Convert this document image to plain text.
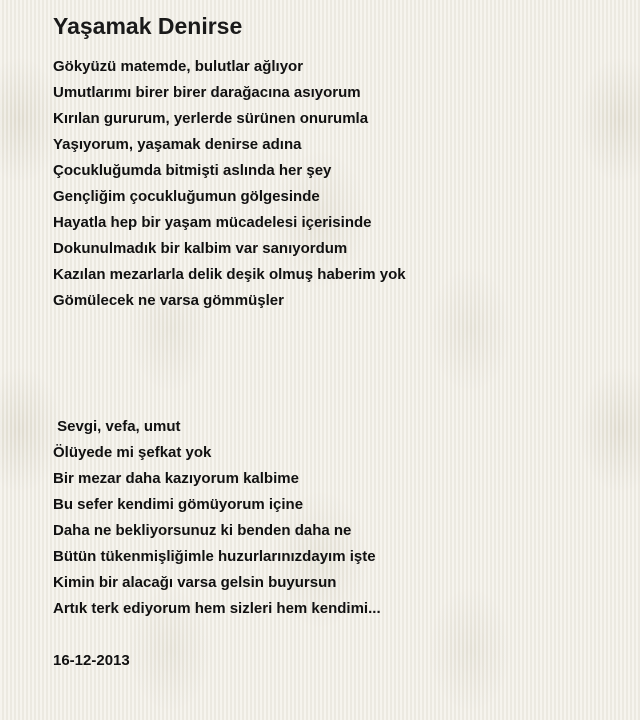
Yaşamak Denirse
Gökyüzü matemde, bulutlar ağlıyor
Umutlarımı birer birer darağacına asıyorum
Kırılan gururum, yerlerde sürünen onurumla
Yaşıyorum, yaşamak denirse adına
Çocukluğumda bitmişti aslında her şey
Gençliğim çocukluğumun gölgesinde
Hayatla hep bir yaşam mücadelesi içerisinde
Dokunulmadık bir kalbim var sanıyordum
Kazılan mezarlarla delik deşik olmuş haberim yok
Gömülecek ne varsa gömmüşler
Sevgi, vefa, umut
Ölüyede mi şefkat yok
Bir mezar daha kazıyorum kalbime
Bu sefer kendimi gömüyorum içine
Daha ne bekliyorsunuz ki benden daha ne
Bütün tükenmişliğimle huzurlarınızdayım işte
Kimin bir alacağı varsa gelsin buyursun
Artık terk ediyorum hem sizleri hem kendimi...
16-12-2013
